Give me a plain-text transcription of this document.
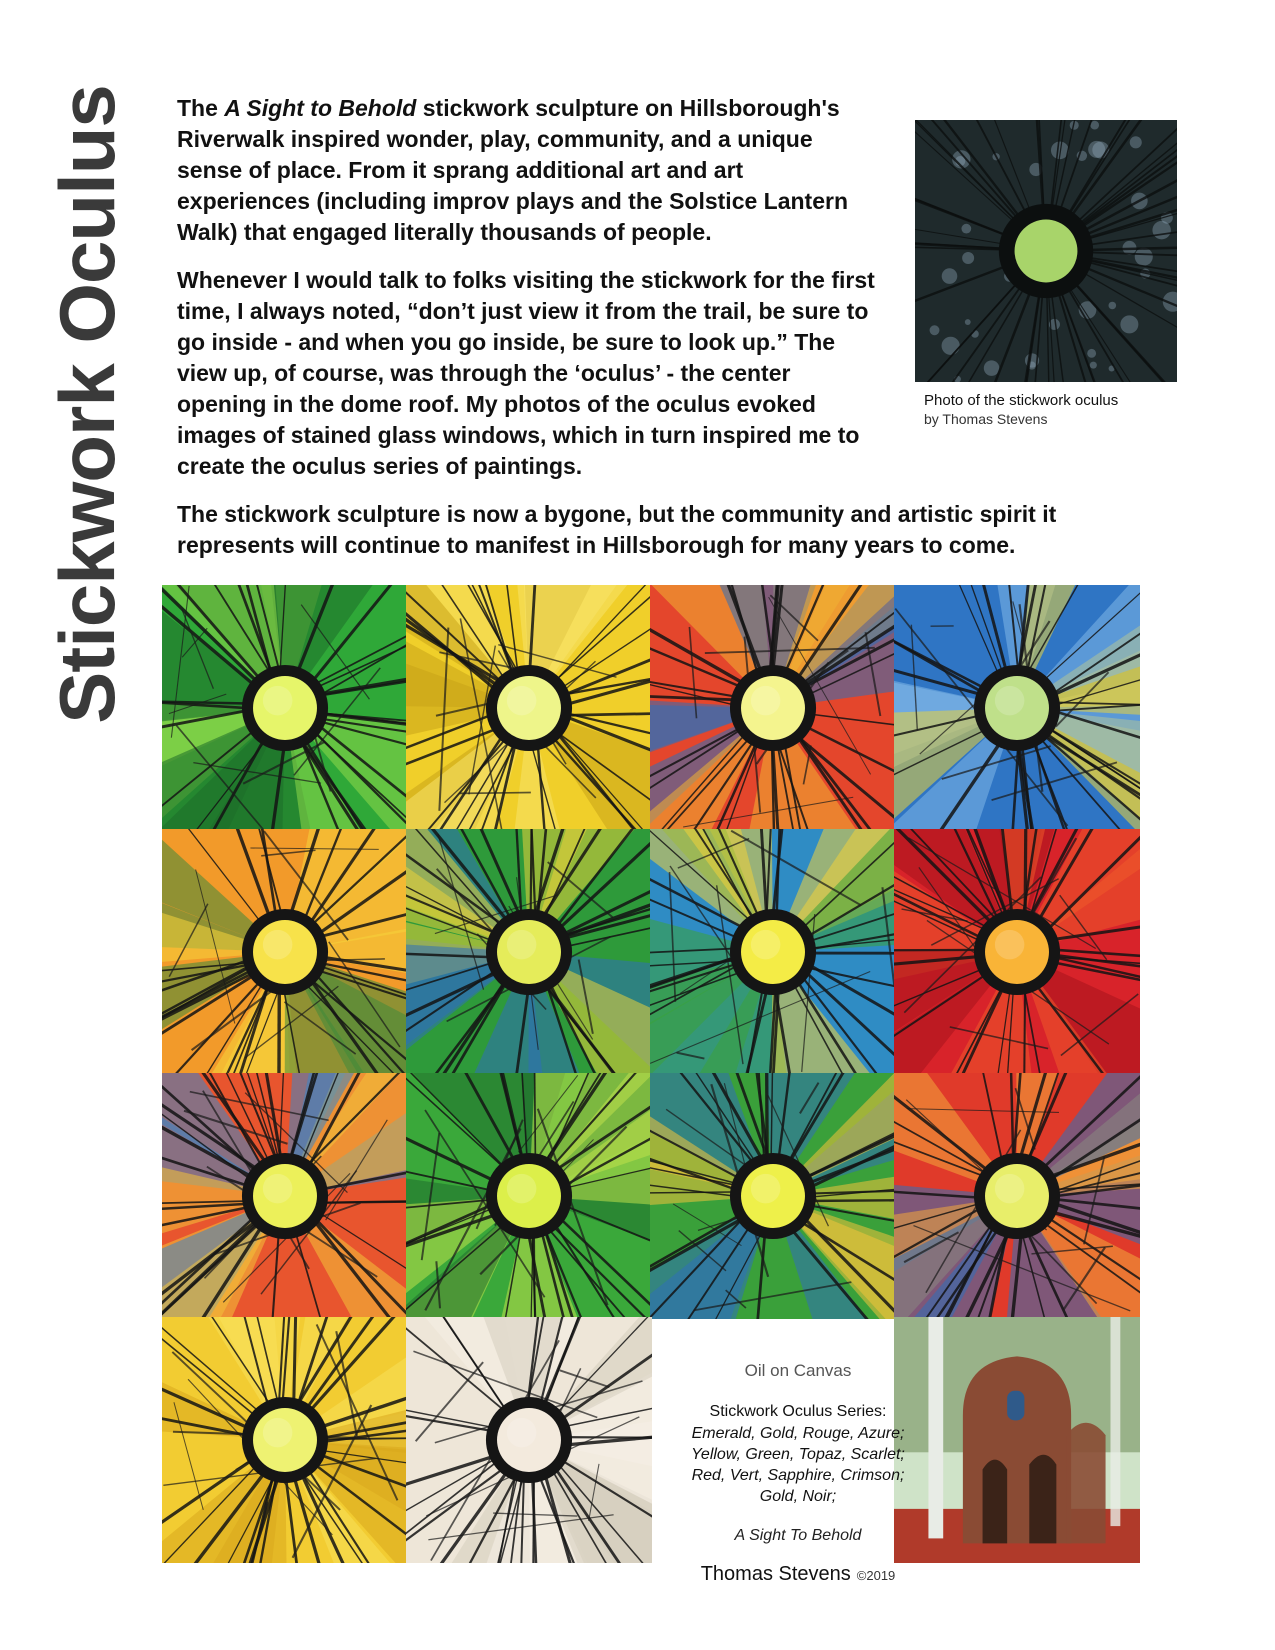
Stickwork Oculus The A Sight to Behold stickwork sculpture on Hillsborough's Riverwalk inspired wonder, play, community, and a unique sense of place. From it sprang additional art and art experiences (including improv plays and the Solstice Lantern Walk) that engaged literally thousands of people.

Whenever I would talk to folks visiting the stickwork for the first time, I always noted, “don’t just view it from the trail, be sure to go inside - and when you go inside, be sure to look up.” The view up, of course, was through the ‘oculus’ - the center opening in the dome roof. My photos of the oculus evoked images of stained glass windows, which in turn inspired me to create the oculus series of paintings.

The stickwork sculpture is now a bygone, but the community and artistic spirit it represents will continue to manifest in Hillsborough for many years to come.

Photo of the stickwork oculus
by Thomas Stevens
Oil on Canvas
Stickwork Oculus Series:
Emerald, Gold, Rouge, Azure;
Yellow, Green, Topaz, Scarlet;
Red, Vert, Sapphire, Crimson;
Gold, Noir;
A Sight To Behold
Thomas Stevens ©2019
